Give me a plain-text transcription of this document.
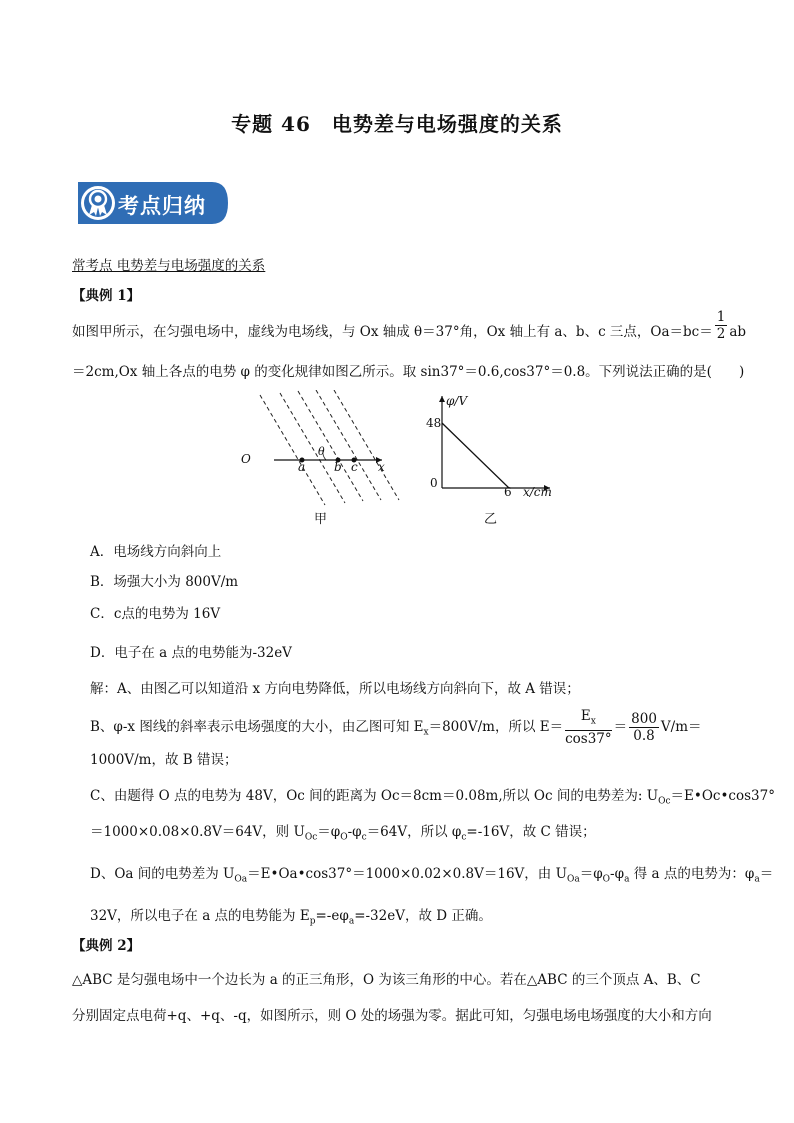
专题 46　电势差与电场强度的关系
考点归纳
常考点 电势差与电场强度的关系
【典例 1】
如图甲所示，在匀强电场中，虚线为电场线，与 Ox 轴成 θ＝37°角，Ox 轴上有 a、b、c 三点，$Oa=bc= \frac{1}{2}$ ab
＝2cm,Ox 轴上各点的电势 φ 的变化规律如图乙所示。取 sin37°＝0.6,cos37°＝0.8。下列说法正确的是(　　)
O
a b c x
θ
甲
φ/V
48
0
6 x/cm
乙
A．电场线方向斜向上
B．场强大小为 800V/m
C．c点的电势为 16V
D．电子在 a 点的电势能为-32eV
解：A、由图乙可以知道沿 x 方向电势降低，所以电场线方向斜向下，故 A 错误；
B、φ-x 图线的斜率表示电场强度的大小，由乙图可知 $E_x=800V/m$，所以 $E= \frac{E_x}{\cos 37^\circ} = \frac{800}{0.8} V/m=$
1000V/m，故 B 错误；
C、由题得 O 点的电势为 48V，Oc 间的距离为 Oc＝8cm＝0.08m,所以 Oc 间的电势差为: $U_{Oc}=E•Oc•\cos 37^\circ$
＝1000×0.08×0.8V＝64V，则 $U_{Oc}=\varphi_O-\varphi_c=64V$，所以 $\varphi_c=-16V$，故 C 错误；
D、Oa 间的电势差为 $U_{Oa}=E•Oa•\cos 37^\circ=1000\times 0.02\times 0.8V=16V$，由 $U_{Oa}=\varphi_O-\varphi_a$ 得 a 点的电势为：$\varphi_a=$
32V，所以电子在 a 点的电势能为 $E_p=-e\varphi_a=-32eV$，故 D 正确。
【典例 2】
△ABC 是匀强电场中一个边长为 a 的正三角形，O 为该三角形的中心。若在△ABC 的三个顶点 A、B、C
分别固定点电荷+q、+q、-q，如图所示，则 O 处的场强为零。据此可知，匀强电场电场强度的大小和方向
